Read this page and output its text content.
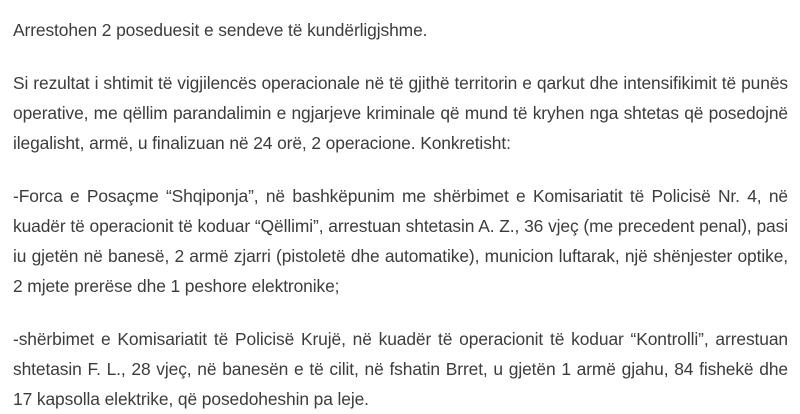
Arrestohen 2 poseduesit e sendeve të kundërligjshme.

Si rezultat i shtimit të vigjilencës operacionale në të gjithë territorin e qarkut dhe intensifikimit të punës operative, me qëllim parandalimin e ngjarjeve kriminale që mund të kryhen nga shtetas që posedojnë ilegalisht, armë, u finalizuan në 24 orë, 2 operacione. Konkretisht:

-Forca e Posaçme “Shqiponja”, në bashkëpunim me shërbimet e Komisariatit të Policisë Nr. 4, në kuadër të operacionit të koduar “Qëllimi”, arrestuan shtetasin A. Z., 36 vjeç (me precedent penal), pasi iu gjetën në banesë, 2 armë zjarri (pistoletë dhe automatike), municion luftarak, një shënjester optike, 2 mjete prerëse dhe 1 peshore elektronike;

-shërbimet e Komisariatit të Policisë Krujë, në kuadër të operacionit të koduar “Kontrolli”, arrestuan shtetasin F. L., 28 vjeç, në banesën e të cilit, në fshatin Brret, u gjetën 1 armë gjahu, 84 fishekë dhe 17 kapsolla elektrike, që posedoheshin pa leje.
